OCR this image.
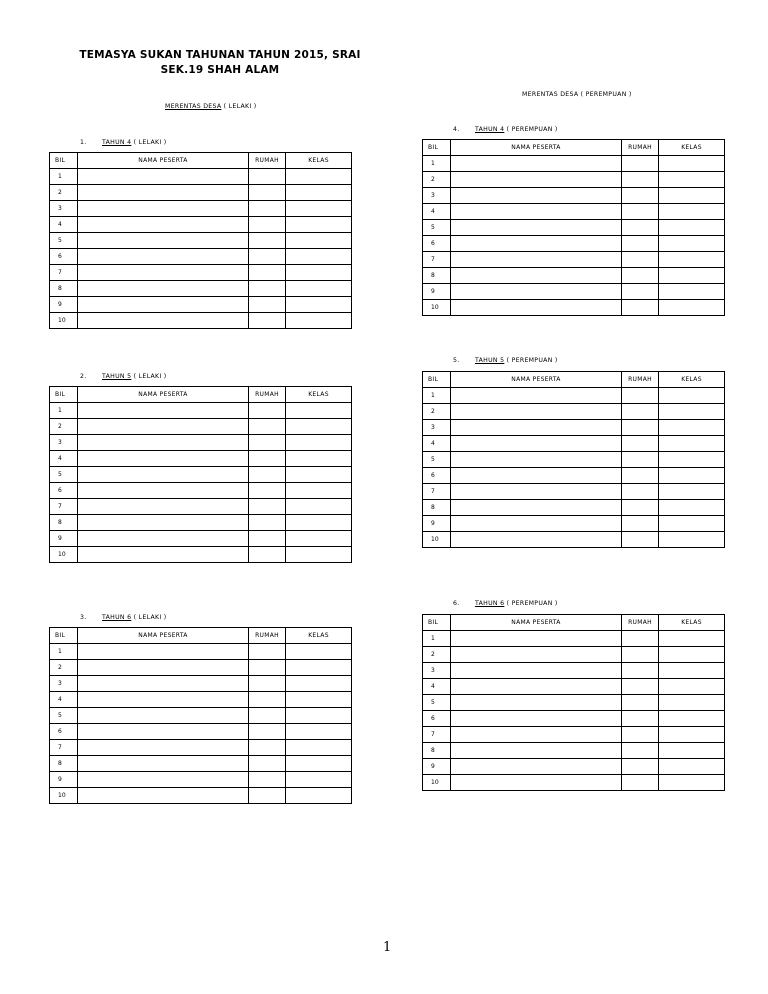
TEMASYA SUKAN TAHUNAN TAHUN 2015, SRAI
SEK.19 SHAH ALAM
MERENTAS DESA ( LELAKI )
MERENTAS DESA ( PEREMPUAN )
1. TAHUN 4 ( LELAKI )
2. TAHUN 5 ( LELAKI )
3. TAHUN 6 ( LELAKI )
4. TAHUN 4 ( PEREMPUAN )
5. TAHUN 5 ( PEREMPUAN )
6. TAHUN 6 ( PEREMPUAN )
BIL	NAMA PESERTA	RUMAH	KELAS
1			
2			
3			
4			
5			
6			
7			
8			
9			
10			
BIL	NAMA PESERTA	RUMAH	KELAS
1			
2			
3			
4			
5			
6			
7			
8			
9			
10			
BIL	NAMA PESERTA	RUMAH	KELAS
1			
2			
3			
4			
5			
6			
7			
8			
9			
10			
BIL	NAMA PESERTA	RUMAH	KELAS
1			
2			
3			
4			
5			
6			
7			
8			
9			
10			
BIL	NAMA PESERTA	RUMAH	KELAS
1			
2			
3			
4			
5			
6			
7			
8			
9			
10			
BIL	NAMA PESERTA	RUMAH	KELAS
1			
2			
3			
4			
5			
6			
7			
8			
9			
10			
1
